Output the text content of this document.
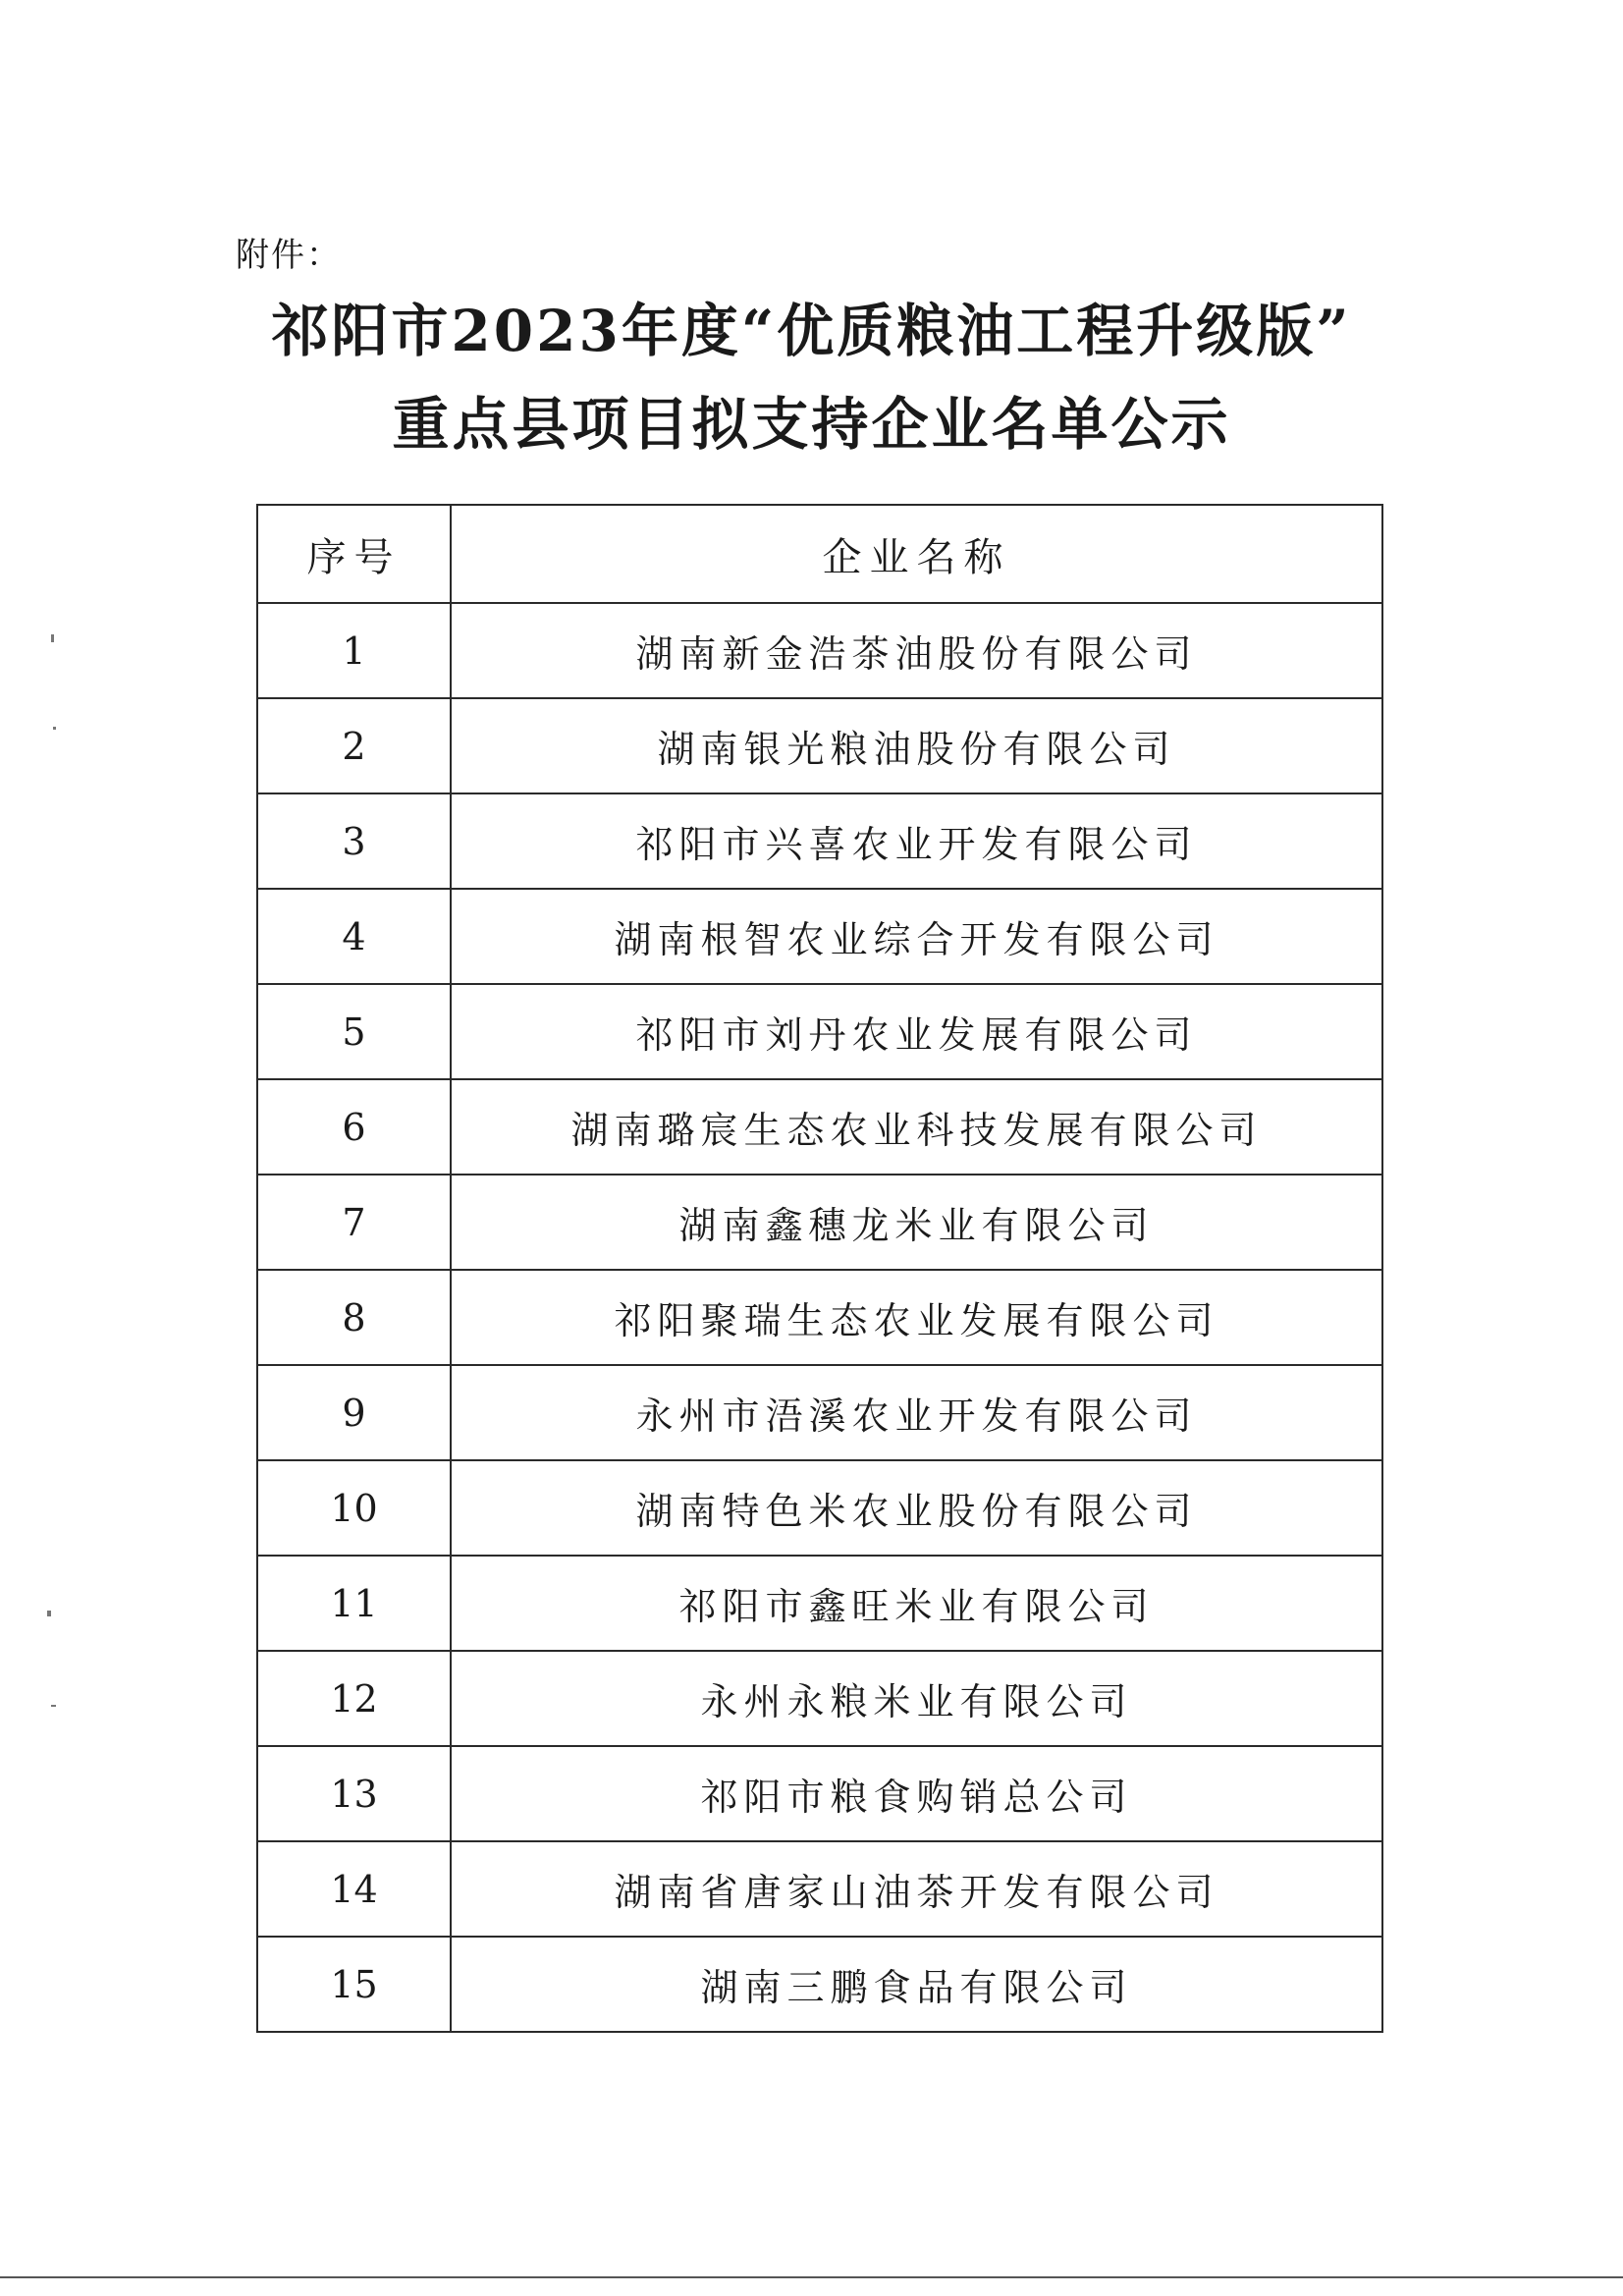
附件：
祁阳市2023年度“优质粮油工程升级版”
重点县项目拟支持企业名单公示
序号	企业名称
1	湖南新金浩茶油股份有限公司
2	湖南银光粮油股份有限公司
3	祁阳市兴喜农业开发有限公司
4	湖南根智农业综合开发有限公司
5	祁阳市刘丹农业发展有限公司
6	湖南璐宸生态农业科技发展有限公司
7	湖南鑫穗龙米业有限公司
8	祁阳聚瑞生态农业发展有限公司
9	永州市浯溪农业开发有限公司
10	湖南特色米农业股份有限公司
11	祁阳市鑫旺米业有限公司
12	永州永粮米业有限公司
13	祁阳市粮食购销总公司
14	湖南省唐家山油茶开发有限公司
15	湖南三鹏食品有限公司
